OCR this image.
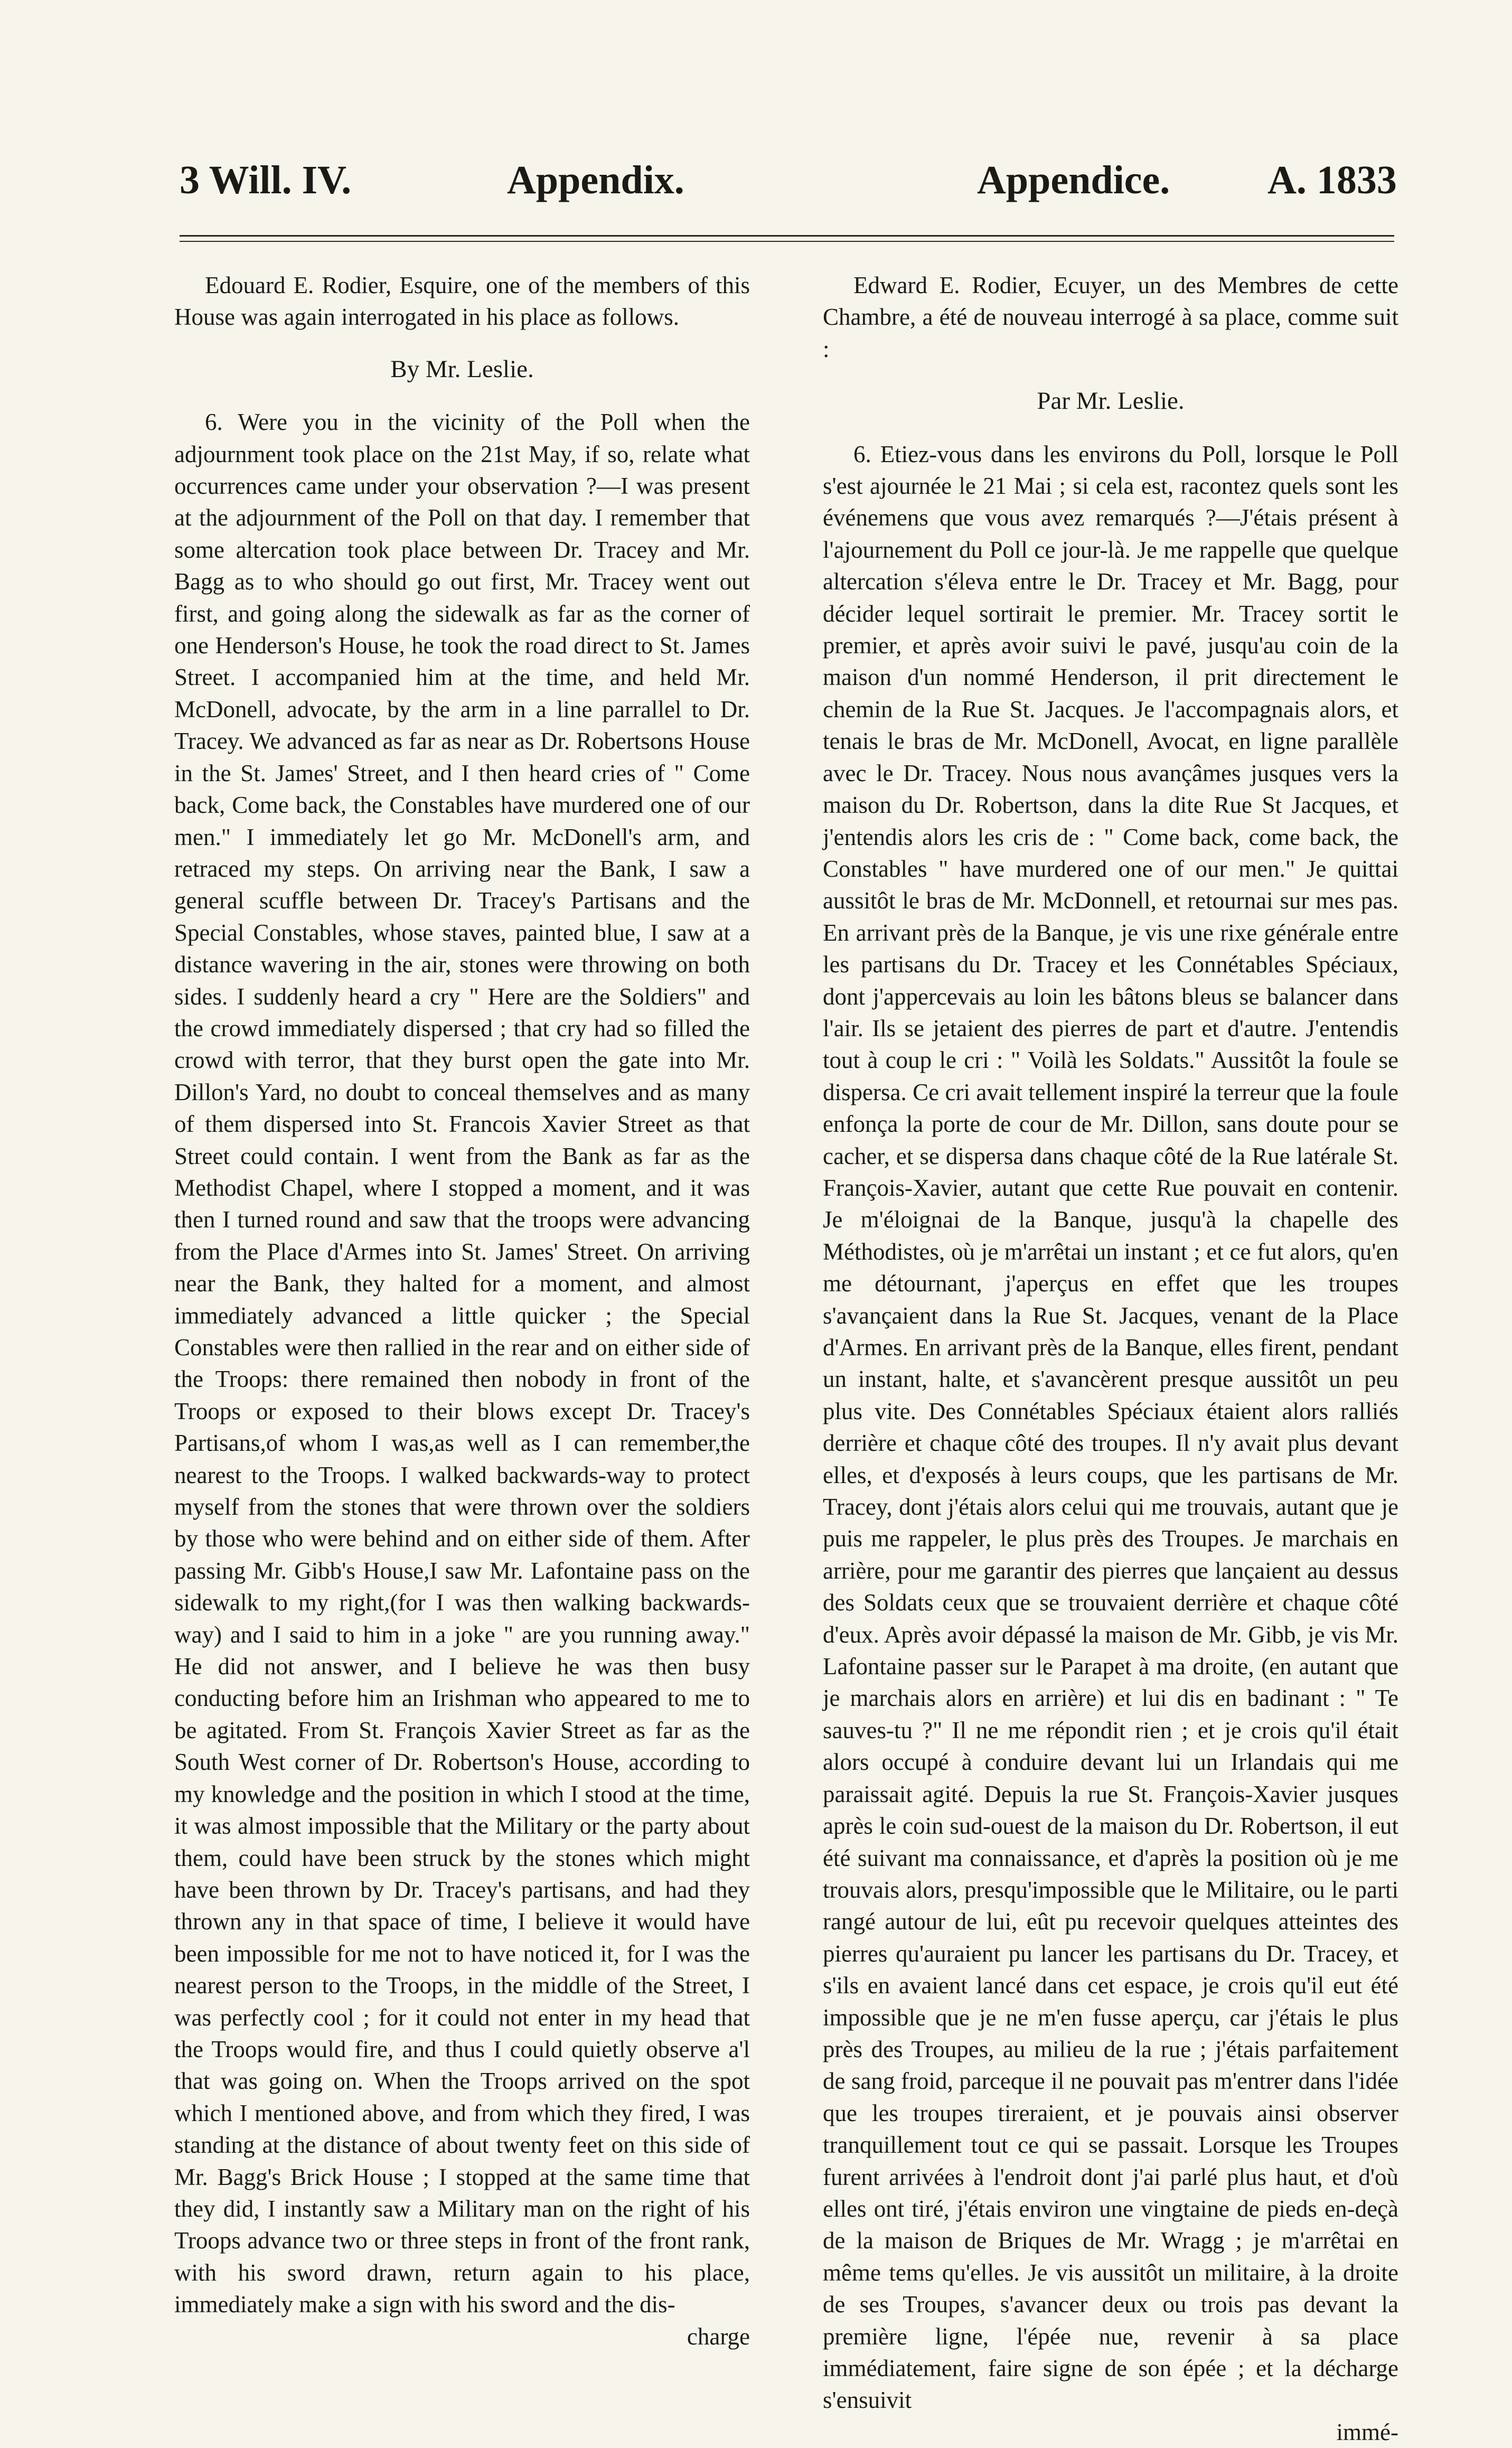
3 Will. IV.	Appendix.	Appendice. A. 1833

Edouard E. Rodier, Esquire, one of the members of this House was again interrogated in his place as follows.

By Mr. Leslie.

6. Were you in the vicinity of the Poll when the adjournment took place on the 21st May, if so, relate what occurrences came under your observation ?—I was present at the adjournment of the Poll on that day. I remember that some altercation took place between Dr. Tracey and Mr. Bagg as to who should go out first, Mr. Tracey went out first, and going along the sidewalk as far as the corner of one Henderson's House, he took the road direct to St. James Street. I accompanied him at the time, and held Mr. McDonell, advocate, by the arm in a line parrallel to Dr. Tracey. We advanced as far as near as Dr. Robertsons House in the St. James' Street, and I then heard cries of " Come back, Come back, the Constables have murdered one of our men." I immediately let go Mr. McDonell's arm, and retraced my steps. On arriving near the Bank, I saw a general scuffle between Dr. Tracey's Partisans and the Special Constables, whose staves, painted blue, I saw at a distance wavering in the air, stones were throwing on both sides. I suddenly heard a cry " Here are the Soldiers" and the crowd immediately dispersed ; that cry had so filled the crowd with terror, that they burst open the gate into Mr. Dillon's Yard, no doubt to conceal themselves and as many of them dispersed into St. Francois Xavier Street as that Street could contain. I went from the Bank as far as the Methodist Chapel, where I stopped a moment, and it was then I turned round and saw that the troops were advancing from the Place d'Armes into St. James' Street. On arriving near the Bank, they halted for a moment, and almost immediately advanced a little quicker ; the Special Constables were then rallied in the rear and on either side of the Troops: there remained then nobody in front of the Troops or exposed to their blows except Dr. Tracey's Partisans,of whom I was,as well as I can remember,the nearest to the Troops. I walked backwards-way to protect myself from the stones that were thrown over the soldiers by those who were behind and on either side of them. After passing Mr. Gibb's House,I saw Mr. Lafontaine pass on the sidewalk to my right,(for I was then walking backwards-way) and I said to him in a joke " are you running away." He did not answer, and I believe he was then busy conducting before him an Irishman who appeared to me to be agitated. From St. François Xavier Street as far as the South West corner of Dr. Robertson's House, according to my knowledge and the position in which I stood at the time, it was almost impossible that the Military or the party about them, could have been struck by the stones which might have been thrown by Dr. Tracey's partisans, and had they thrown any in that space of time, I believe it would have been impossible for me not to have noticed it, for I was the nearest person to the Troops, in the middle of the Street, I was perfectly cool ; for it could not enter in my head that the Troops would fire, and thus I could quietly observe a'l that was going on. When the Troops arrived on the spot which I mentioned above, and from which they fired, I was standing at the distance of about twenty feet on this side of Mr. Bagg's Brick House ; I stopped at the same time that they did, I instantly saw a Military man on the right of his Troops advance two or three steps in front of the front rank, with his sword drawn, return again to his place, immediately make a sign with his sword and the dis-

charge

Edward E. Rodier, Ecuyer, un des Membres de cette Chambre, a été de nouveau interrogé à sa place, comme suit :

Par Mr. Leslie.

6. Etiez-vous dans les environs du Poll, lorsque le Poll s'est ajournée le 21 Mai ; si cela est, racontez quels sont les événemens que vous avez remarqués ?—J'étais présent à l'ajournement du Poll ce jour-là. Je me rappelle que quelque altercation s'éleva entre le Dr. Tracey et Mr. Bagg, pour décider lequel sortirait le premier. Mr. Tracey sortit le premier, et après avoir suivi le pavé, jusqu'au coin de la maison d'un nommé Henderson, il prit directement le chemin de la Rue St. Jacques. Je l'accompagnais alors, et tenais le bras de Mr. McDonell, Avocat, en ligne parallèle avec le Dr. Tracey. Nous nous avançâmes jusques vers la maison du Dr. Robertson, dans la dite Rue St Jacques, et j'entendis alors les cris de : " Come back, come back, the Constables " have murdered one of our men." Je quittai aussitôt le bras de Mr. McDonnell, et retournai sur mes pas. En arrivant près de la Banque, je vis une rixe générale entre les partisans du Dr. Tracey et les Connétables Spéciaux, dont j'appercevais au loin les bâtons bleus se balancer dans l'air. Ils se jetaient des pierres de part et d'autre. J'entendis tout à coup le cri : " Voilà les Soldats." Aussitôt la foule se dispersa. Ce cri avait tellement inspiré la terreur que la foule enfonça la porte de cour de Mr. Dillon, sans doute pour se cacher, et se dispersa dans chaque côté de la Rue latérale St. François-Xavier, autant que cette Rue pouvait en contenir. Je m'éloignai de la Banque, jusqu'à la chapelle des Méthodistes, où je m'arrêtai un instant ; et ce fut alors, qu'en me détournant, j'aperçus en effet que les troupes s'avançaient dans la Rue St. Jacques, venant de la Place d'Armes. En arrivant près de la Banque, elles firent, pendant un instant, halte, et s'avancèrent presque aussitôt un peu plus vite. Des Connétables Spéciaux étaient alors ralliés derrière et chaque côté des troupes. Il n'y avait plus devant elles, et d'exposés à leurs coups, que les partisans de Mr. Tracey, dont j'étais alors celui qui me trouvais, autant que je puis me rappeler, le plus près des Troupes. Je marchais en arrière, pour me garantir des pierres que lançaient au dessus des Soldats ceux que se trouvaient derrière et chaque côté d'eux. Après avoir dépassé la maison de Mr. Gibb, je vis Mr. Lafontaine passer sur le Parapet à ma droite, (en autant que je marchais alors en arrière) et lui dis en badinant : " Te sauves-tu ?" Il ne me répondit rien ; et je crois qu'il était alors occupé à conduire devant lui un Irlandais qui me paraissait agité. Depuis la rue St. François-Xavier jusques après le coin sud-ouest de la maison du Dr. Robertson, il eut été suivant ma connaissance, et d'après la position où je me trouvais alors, presqu'impossible que le Militaire, ou le parti rangé autour de lui, eût pu recevoir quelques atteintes des pierres qu'auraient pu lancer les partisans du Dr. Tracey, et s'ils en avaient lancé dans cet espace, je crois qu'il eut été impossible que je ne m'en fusse aperçu, car j'étais le plus près des Troupes, au milieu de la rue ; j'étais parfaitement de sang froid, parceque il ne pouvait pas m'entrer dans l'idée que les troupes tireraient, et je pouvais ainsi observer tranquillement tout ce qui se passait. Lorsque les Troupes furent arrivées à l'endroit dont j'ai parlé plus haut, et d'où elles ont tiré, j'étais environ une vingtaine de pieds en-deçà de la maison de Briques de Mr. Wragg ; je m'arrêtai en même tems qu'elles. Je vis aussitôt un militaire, à la droite de ses Troupes, s'avancer deux ou trois pas devant la première ligne, l'épée nue, revenir à sa place immédiatement, faire signe de son épée ; et la décharge s'ensuivit

immé-
